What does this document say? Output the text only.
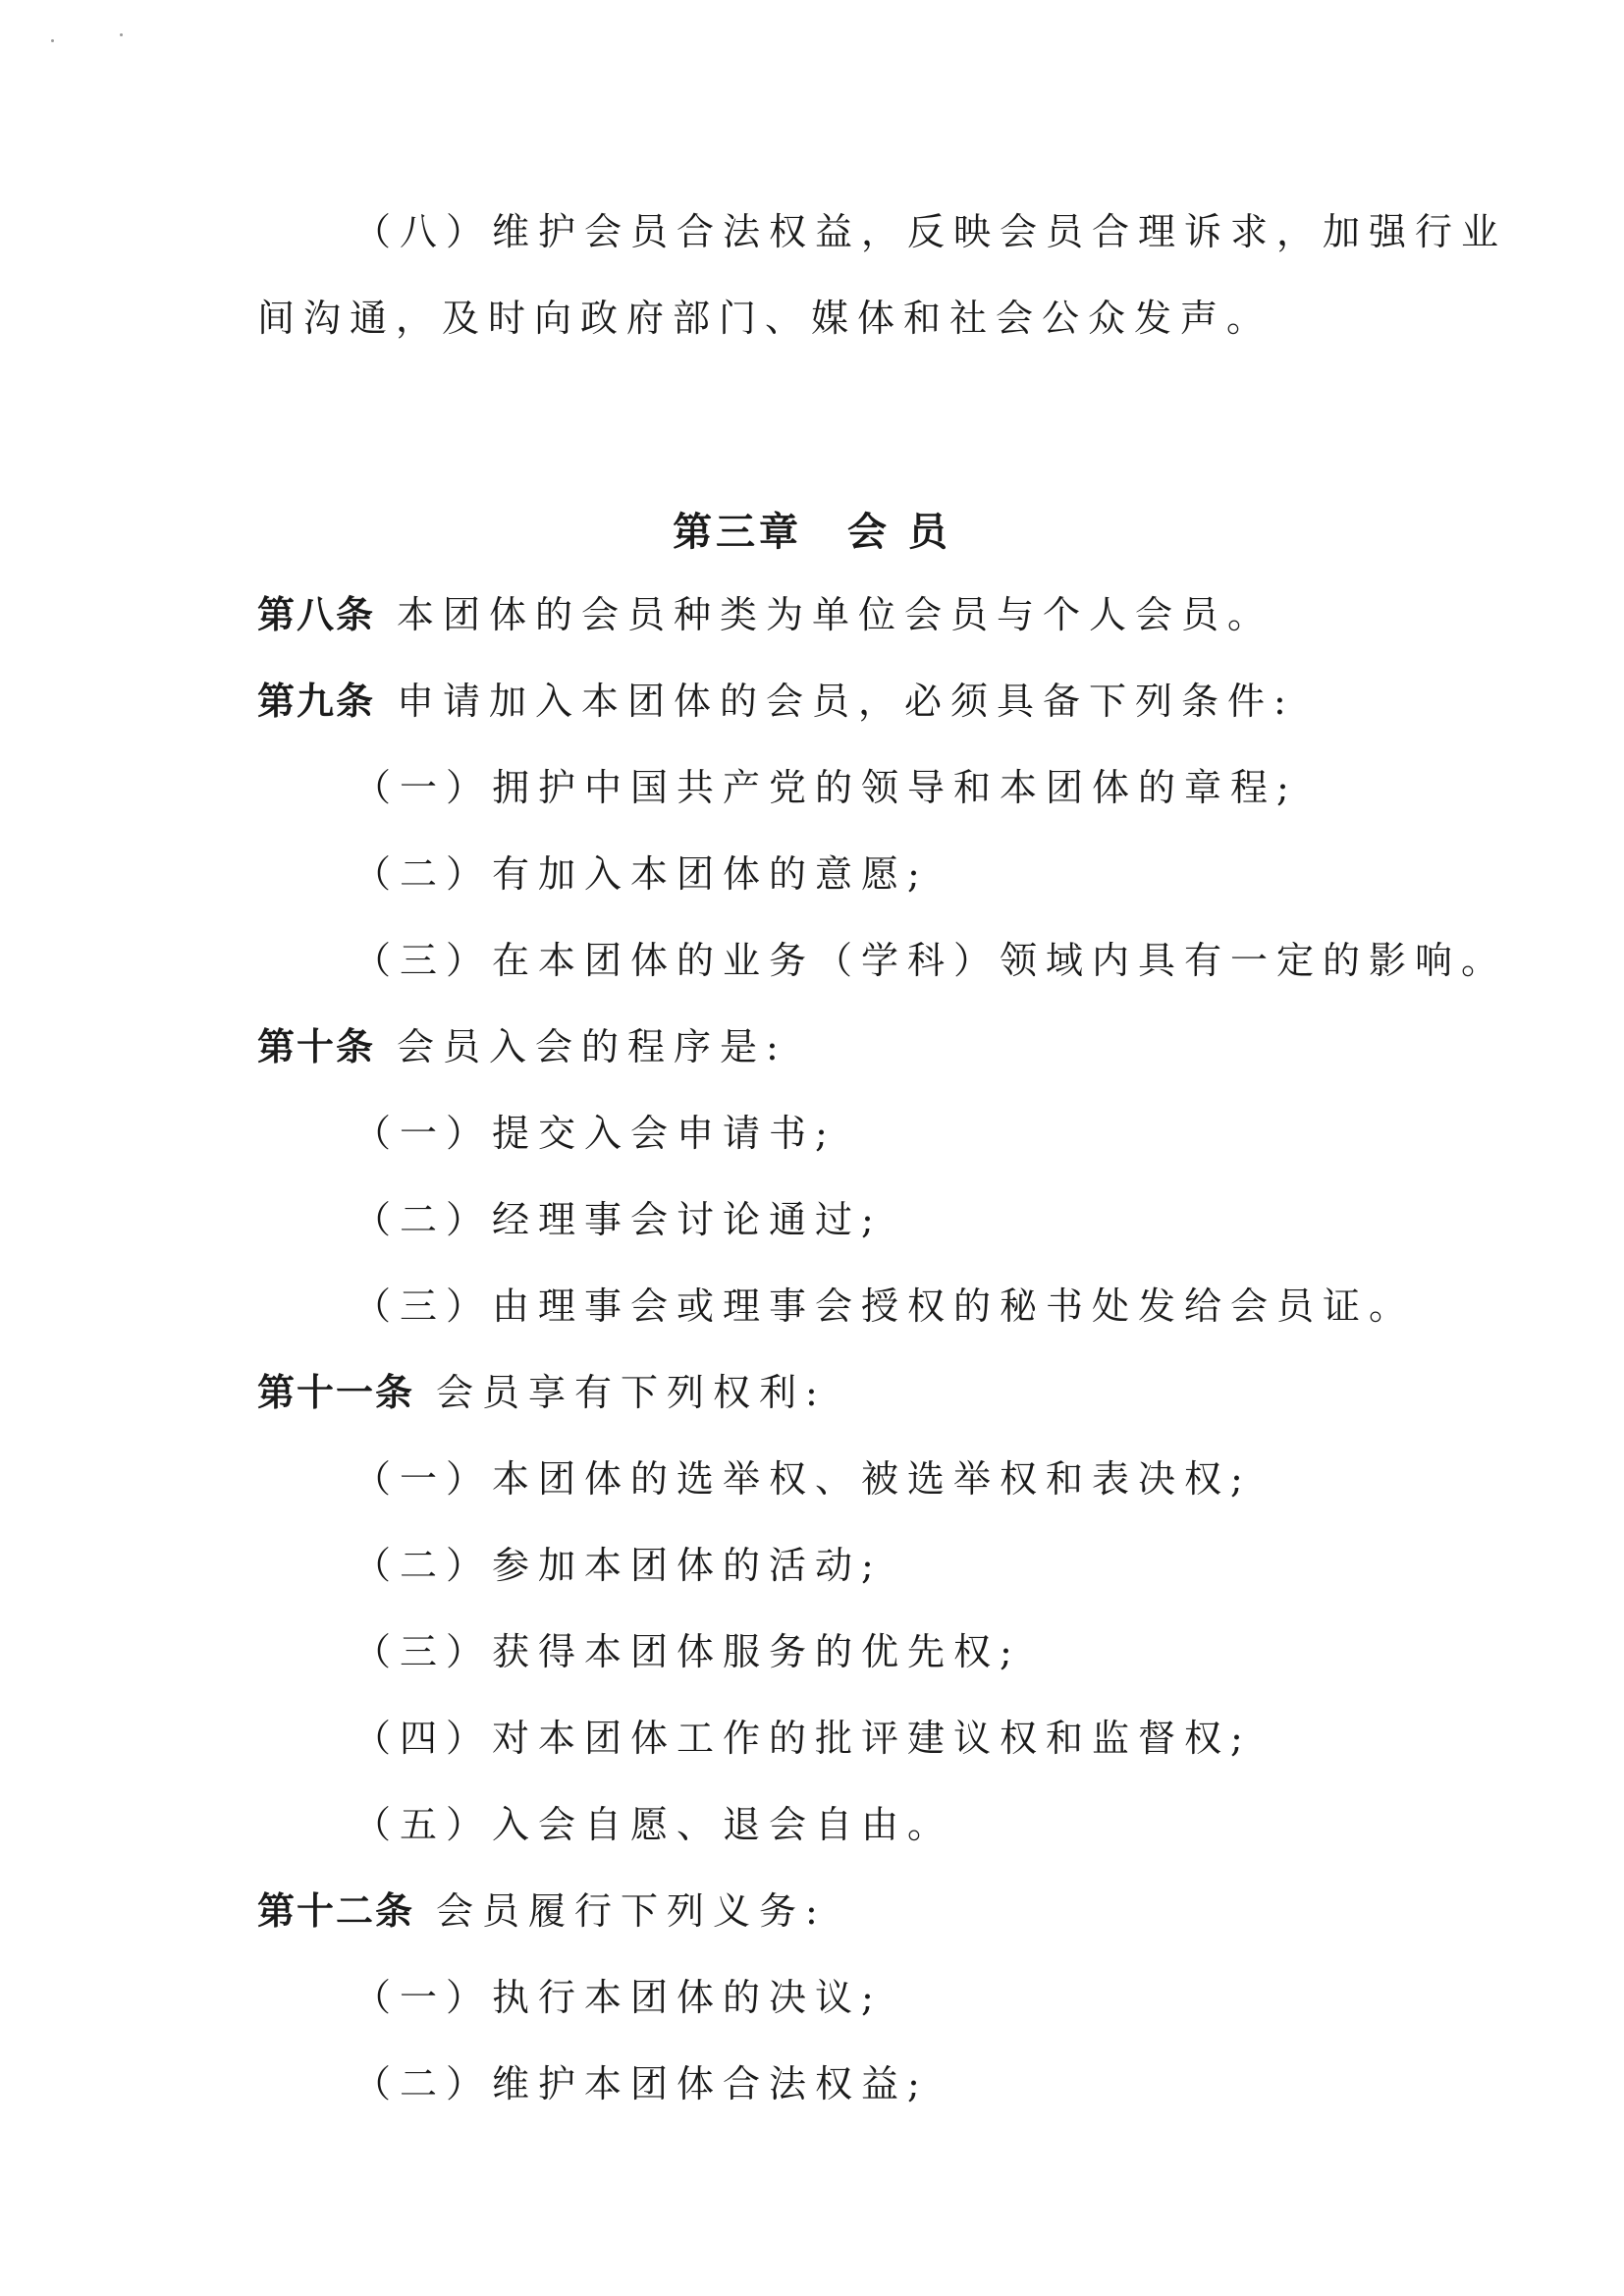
（八）维护会员合法权益，反映会员合理诉求，加强行业
间沟通，及时向政府部门、媒体和社会公众发声。
第三章 会 员
第八条 本团体的会员种类为单位会员与个人会员。
第九条 申请加入本团体的会员，必须具备下列条件:
（一）拥护中国共产党的领导和本团体的章程;
（二）有加入本团体的意愿;
（三）在本团体的业务（学科）领域内具有一定的影响。
第十条 会员入会的程序是:
（一）提交入会申请书;
（二）经理事会讨论通过;
（三）由理事会或理事会授权的秘书处发给会员证。
第十一条 会员享有下列权利:
（一）本团体的选举权、被选举权和表决权;
（二）参加本团体的活动;
（三）获得本团体服务的优先权;
（四）对本团体工作的批评建议权和监督权;
（五）入会自愿、退会自由。
第十二条 会员履行下列义务:
（一）执行本团体的决议;
（二）维护本团体合法权益;
